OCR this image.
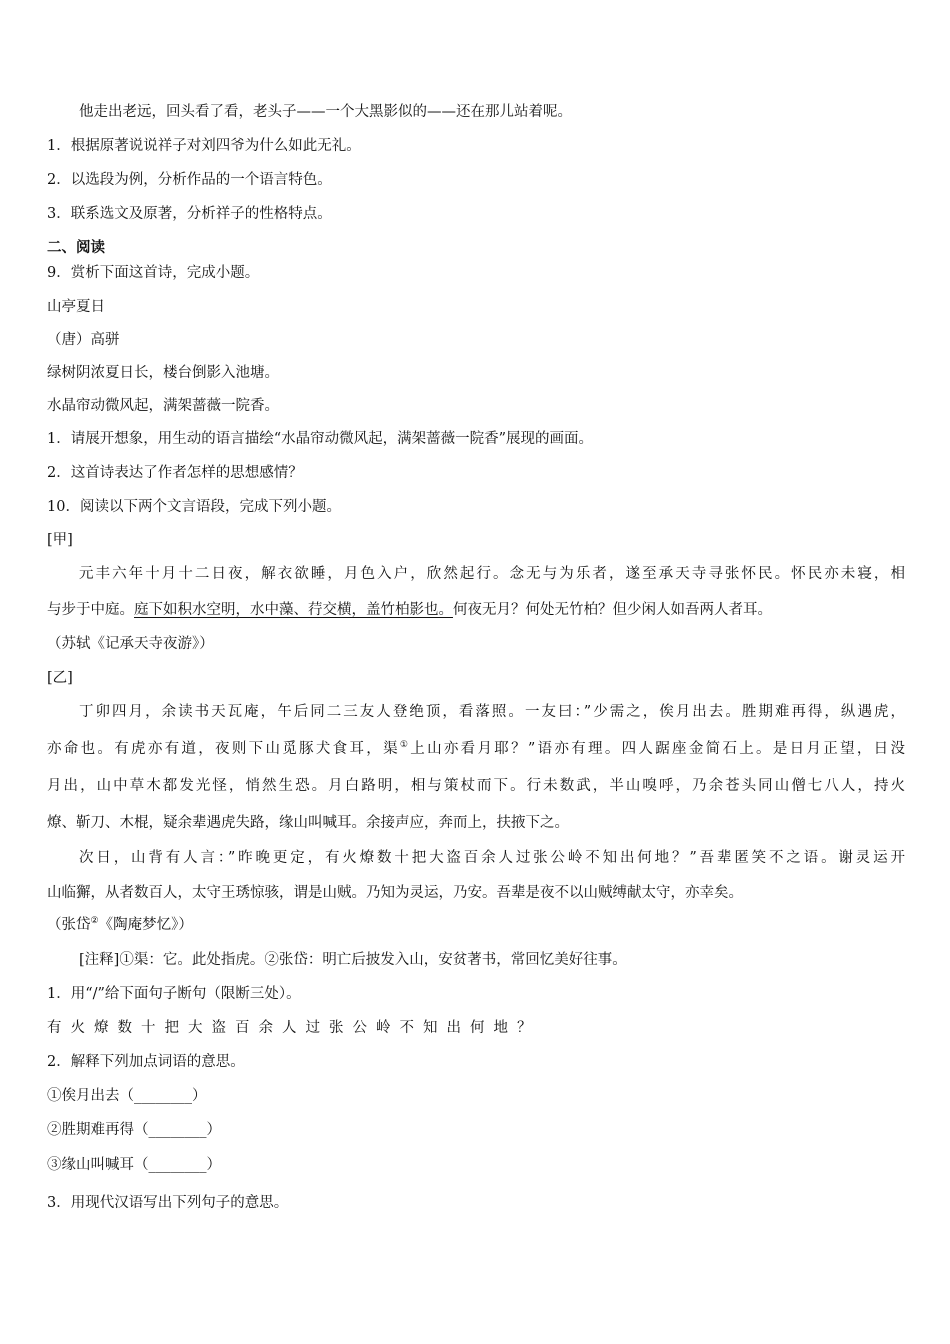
他走出老远，回头看了看，老头子——一个大黑影似的——还在那儿站着呢。
1．根据原著说说祥子对刘四爷为什么如此无礼。
2．以选段为例，分析作品的一个语言特色。
3．联系选文及原著，分析祥子的性格特点。
二、阅读
9．赏析下面这首诗，完成小题。
山亭夏日
（唐）高骈
绿树阴浓夏日长，楼台倒影入池塘。
水晶帘动微风起，满架蔷薇一院香。
1．请展开想象，用生动的语言描绘“水晶帘动微风起，满架蔷薇一院香”展现的画面。
2．这首诗表达了作者怎样的思想感情？
10．阅读以下两个文言语段，完成下列小题。
[甲]
元丰六年十月十二日夜，解衣欲睡，月色入户，欣然起行。念无与为乐者，遂至承天寺寻张怀民。怀民亦未寝，相
与步于中庭。庭下如积水空明，水中藻、荇交横，盖竹柏影也。何夜无月？何处无竹柏？但少闲人如吾两人者耳。
（苏轼《记承天寺夜游》）
[乙]
丁卯四月，余读书天瓦庵，午后同二三友人登绝顶，看落照。一友曰：”少需之，俟月出去。胜期难再得，纵遇虎，
亦命也。有虎亦有道，夜则下山觅豚犬食耳，渠①上山亦看月耶？”语亦有理。四人踞座金简石上。是日月正望，日没
月出，山中草木都发光怪，悄然生恐。月白路明，相与策杖而下。行未数武，半山嗅呼，乃余苍头同山僧七八人，持火
燎、靳刀、木棍，疑余辈遇虎失路，缘山叫喊耳。余接声应，奔而上，扶掖下之。
次日，山背有人言：”昨晚更定，有火燎数十把大盗百余人过张公岭不知出何地？”吾辈匿笑不之语。谢灵运开
山临獬，从者数百人，太守王琇惊骇，谓是山贼。乃知为灵运，乃安。吾辈是夜不以山贼缚献太守，亦幸矣。
（张岱②《陶庵梦忆》）
[注释]①渠：它。此处指虎。②张岱：明亡后披发入山，安贫著书，常回忆美好往事。
1．用“/”给下面句子断句（限断三处）。
有火燎数十把大盗百余人过张公岭不知出何地？
2．解释下列加点词语的意思。
①俟月出去（________）
②胜期难再得（________）
③缘山叫喊耳（________）
3．用现代汉语写出下列句子的意思。
